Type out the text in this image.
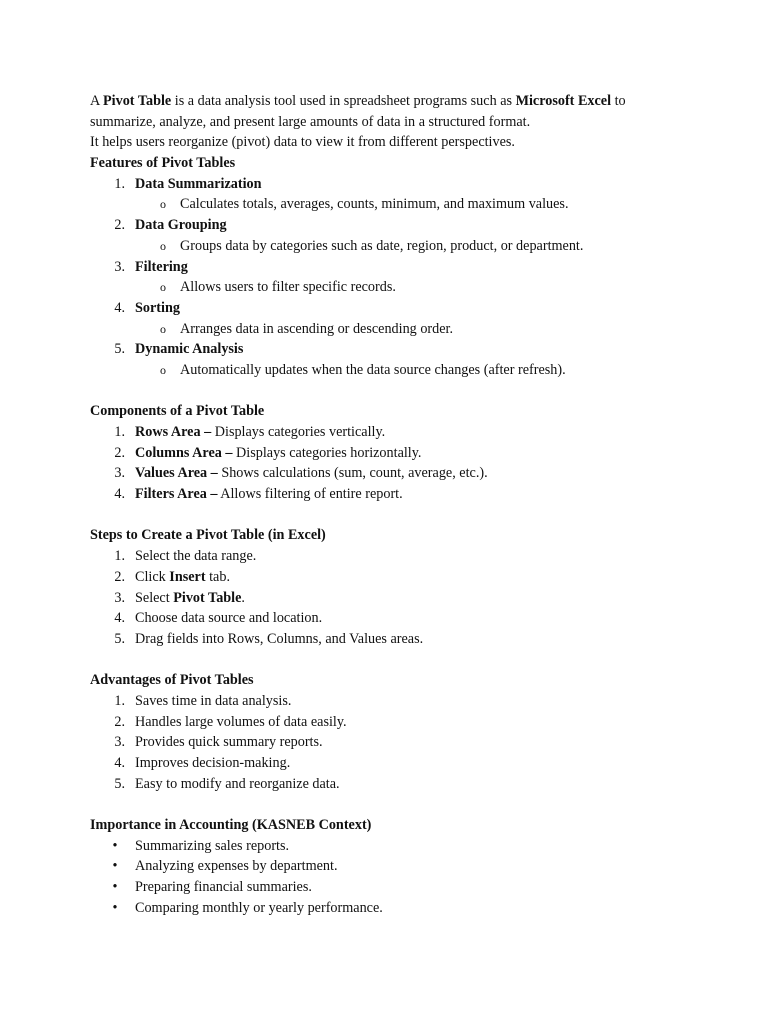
A Pivot Table is a data analysis tool used in spreadsheet programs such as Microsoft Excel to
summarize, analyze, and present large amounts of data in a structured format.
It helps users reorganize (pivot) data to view it from different perspectives.
Features of Pivot Tables
1. Data Summarization
o Calculates totals, averages, counts, minimum, and maximum values.
2. Data Grouping
o Groups data by categories such as date, region, product, or department.
3. Filtering
o Allows users to filter specific records.
4. Sorting
o Arranges data in ascending or descending order.
5. Dynamic Analysis
o Automatically updates when the data source changes (after refresh).
Components of a Pivot Table
1. Rows Area – Displays categories vertically.
2. Columns Area – Displays categories horizontally.
3. Values Area – Shows calculations (sum, count, average, etc.).
4. Filters Area – Allows filtering of entire report.
Steps to Create a Pivot Table (in Excel)
1. Select the data range.
2. Click Insert tab.
3. Select Pivot Table.
4. Choose data source and location.
5. Drag fields into Rows, Columns, and Values areas.
Advantages of Pivot Tables
1. Saves time in data analysis.
2. Handles large volumes of data easily.
3. Provides quick summary reports.
4. Improves decision-making.
5. Easy to modify and reorganize data.
Importance in Accounting (KASNEB Context)
•	Summarizing sales reports.
•	Analyzing expenses by department.
•	Preparing financial summaries.
•	Comparing monthly or yearly performance.
